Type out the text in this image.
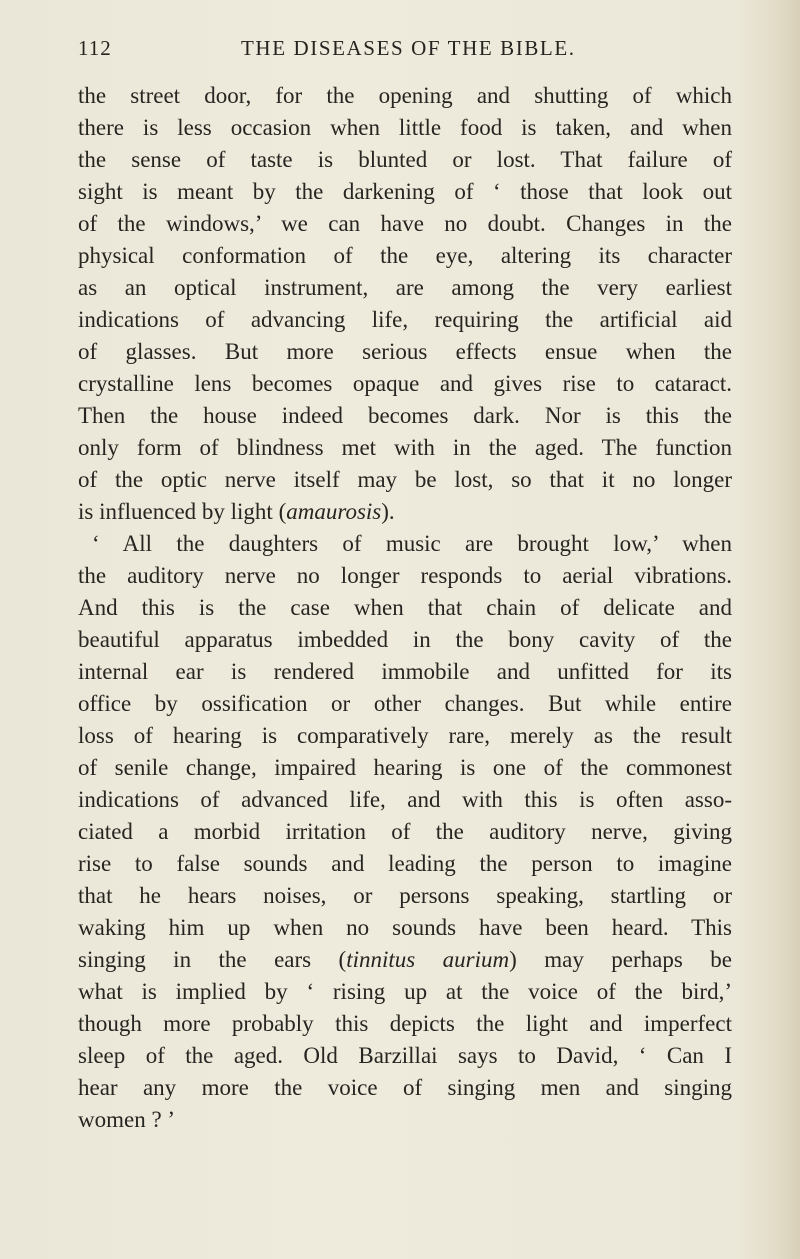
112	THE DISEASES OF THE BIBLE.
the street door, for the opening and shutting of which
there is less occasion when little food is taken, and when
the sense of taste is blunted or lost. That failure of
sight is meant by the darkening of ‘ those that look out
of the windows,’ we can have no doubt. Changes in the
physical conformation of the eye, altering its character
as an optical instrument, are among the very earliest
indications of advancing life, requiring the artificial aid
of glasses. But more serious effects ensue when the
crystalline lens becomes opaque and gives rise to cataract.
Then the house indeed becomes dark. Nor is this the
only form of blindness met with in the aged. The function
of the optic nerve itself may be lost, so that it no longer
is influenced by light (amaurosis).
‘ All the daughters of music are brought low,’ when
the auditory nerve no longer responds to aerial vibrations.
And this is the case when that chain of delicate and
beautiful apparatus imbedded in the bony cavity of the
internal ear is rendered immobile and unfitted for its
office by ossification or other changes. But while entire
loss of hearing is comparatively rare, merely as the result
of senile change, impaired hearing is one of the commonest
indications of advanced life, and with this is often asso-
ciated a morbid irritation of the auditory nerve, giving
rise to false sounds and leading the person to imagine
that he hears noises, or persons speaking, startling or
waking him up when no sounds have been heard. This
singing in the ears (tinnitus aurium) may perhaps be
what is implied by ‘ rising up at the voice of the bird,’
though more probably this depicts the light and imperfect
sleep of the aged. Old Barzillai says to David, ‘ Can I
hear any more the voice of singing men and singing
women ? ’
